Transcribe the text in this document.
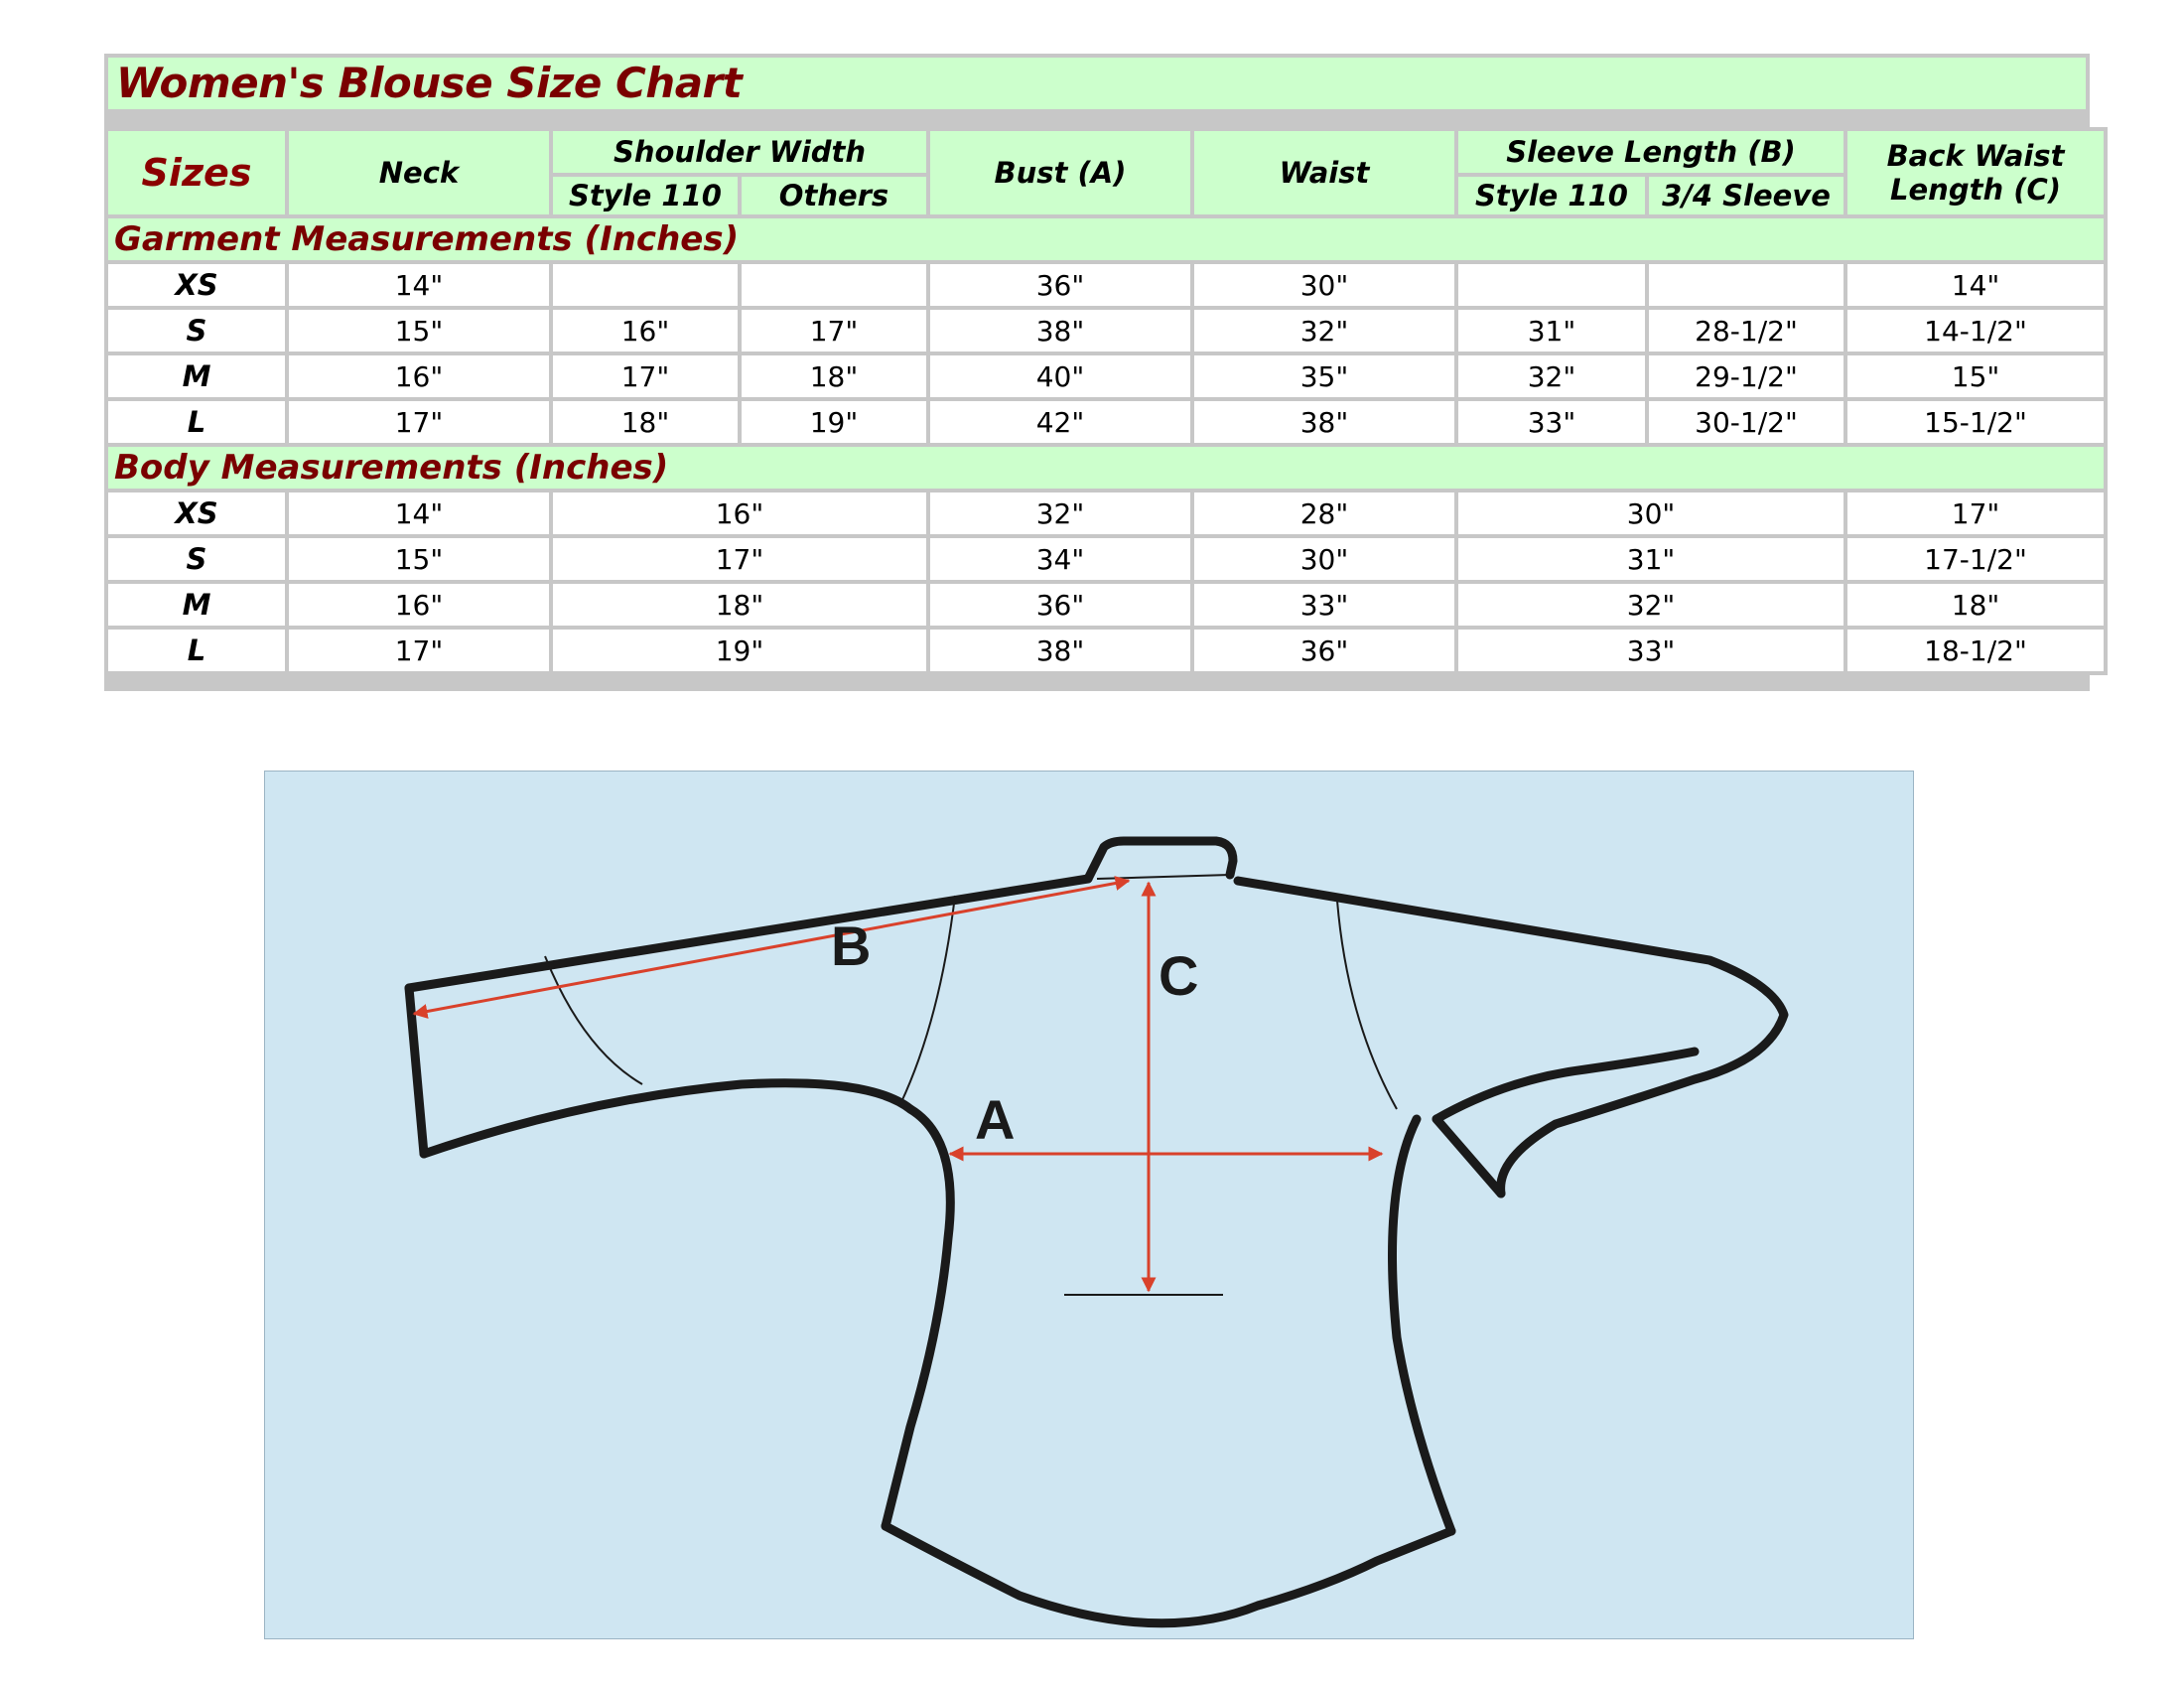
Women's Blouse Size Chart
Sizes	Neck	Shoulder Width		Bust (A)	Waist	Sleeve Length (B)		Back Waist
Length (C)

		Style 110	Others			Style 110	3/4 Sleeve	
Garment Measurements (Inches)								
XS	14"			36"	30"			14"
S	15"	16"	17"	38"	32"	31"	28-1/2"	14-1/2"
M	16"	17"	18"	40"	35"	32"	29-1/2"	15"
L	17"	18"	19"	42"	38"	33"	30-1/2"	15-1/2"
Body Measurements (Inches)								
XS	14"	16"		32"	28"	30"		17"
S	15"	17"		34"	30"	31"		17-1/2"
M	16"	18"		36"	33"	32"		18"
L	17"	19"		38"	36"	33"		18-1/2"
B	C
A
